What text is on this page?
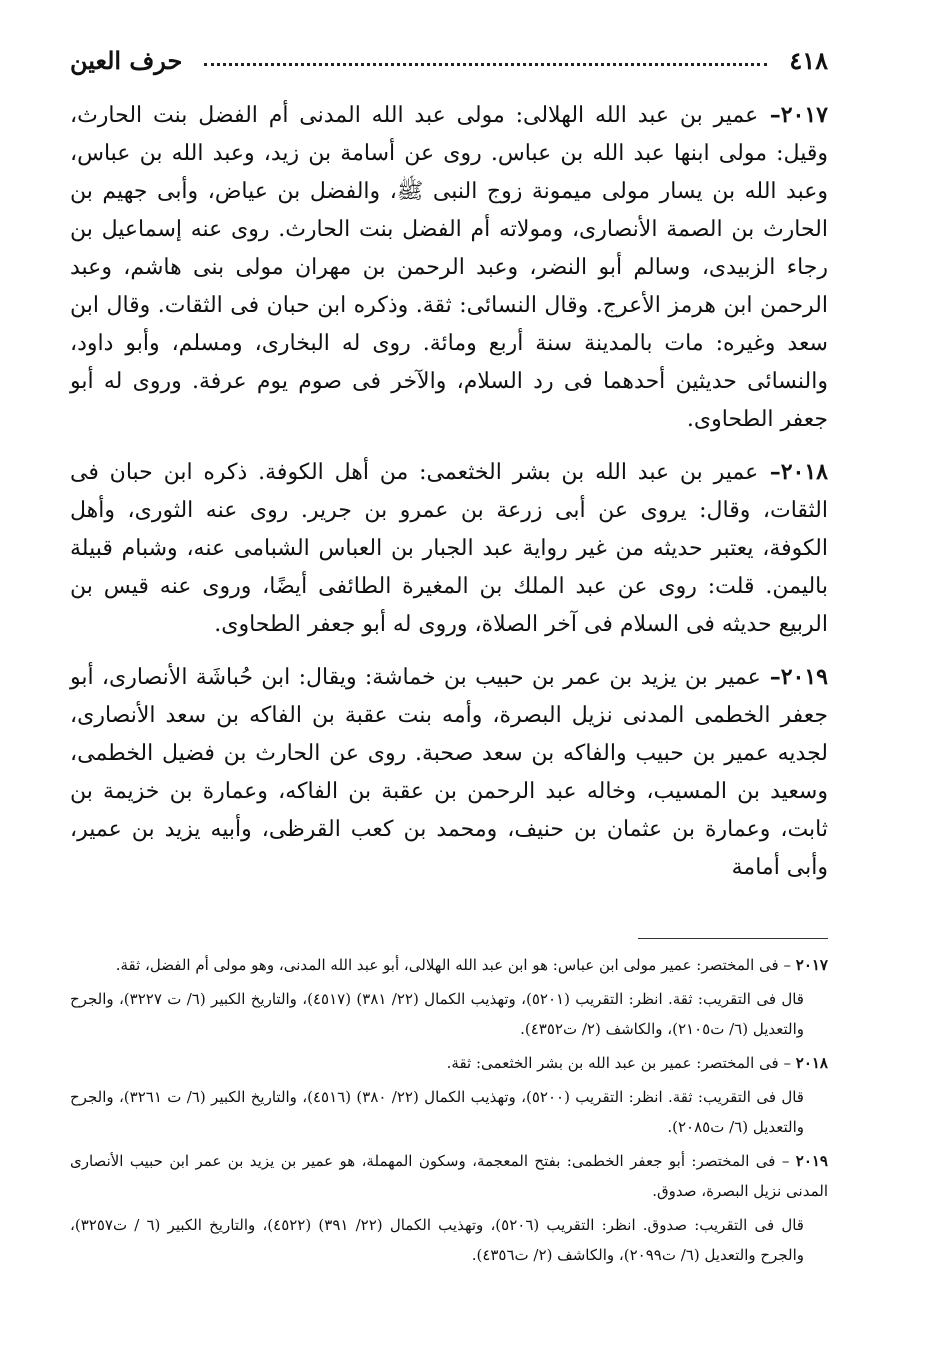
٤١٨
حرف العين

٢٠١٧– عمير بن عبد الله الهلالى: مولى عبد الله المدنى أم الفضل بنت الحارث، وقيل: مولى ابنها عبد الله بن عباس. روى عن أسامة بن زيد، وعبد الله بن عباس، وعبد الله بن يسار مولى ميمونة زوج النبى ﷺ، والفضل بن عياض، وأبى جهيم بن الحارث بن الصمة الأنصارى، ومولاته أم الفضل بنت الحارث. روى عنه إسماعيل بن رجاء الزبيدى، وسالم أبو النضر، وعبد الرحمن بن مهران مولى بنى هاشم، وعبد الرحمن ابن هرمز الأعرج. وقال النسائى: ثقة. وذكره ابن حبان فى الثقات. وقال ابن سعد وغيره: مات بالمدينة سنة أربع ومائة. روى له البخارى، ومسلم، وأبو داود، والنسائى حديثين أحدهما فى رد السلام، والآخر فى صوم يوم عرفة. وروى له أبو جعفر الطحاوى.

٢٠١٨– عمير بن عبد الله بن بشر الخثعمى: من أهل الكوفة. ذكره ابن حبان فى الثقات، وقال: يروى عن أبى زرعة بن عمرو بن جرير. روى عنه الثورى، وأهل الكوفة، يعتبر حديثه من غير رواية عبد الجبار بن العباس الشبامى عنه، وشبام قبيلة باليمن. قلت: روى عن عبد الملك بن المغيرة الطائفى أيضًا، وروى عنه قيس بن الربيع حديثه فى السلام فى آخر الصلاة، وروى له أبو جعفر الطحاوى.

٢٠١٩– عمير بن يزيد بن عمر بن حبيب بن خماشة: ويقال: ابن حُباشَة الأنصارى، أبو جعفر الخطمى المدنى نزيل البصرة، وأمه بنت عقبة بن الفاكه بن سعد الأنصارى، لجديه عمير بن حبيب والفاكه بن سعد صحبة. روى عن الحارث بن فضيل الخطمى، وسعيد بن المسيب، وخاله عبد الرحمن بن عقبة بن الفاكه، وعمارة بن خزيمة بن ثابت، وعمارة بن عثمان بن حنيف، ومحمد بن كعب القرظى، وأبيه يزيد بن عمير، وأبى أمامة

٢٠١٧ – فى المختصر: عمير مولى ابن عباس: هو ابن عبد الله الهلالى، أبو عبد الله المدنى، وهو مولى أم الفضل، ثقة.

قال فى التقريب: ثقة. انظر: التقريب (٥٢٠١)، وتهذيب الكمال (٢٢/ ٣٨١) (٤٥١٧)، والتاريخ الكبير (٦/ ت ٣٢٢٧)، والجرح والتعديل (٦/ ت٢١٠٥)، والكاشف (٢/ ت٤٣٥٢).

٢٠١٨ – فى المختصر: عمير بن عبد الله بن بشر الخثعمى: ثقة.

قال فى التقريب: ثقة. انظر: التقريب (٥٢٠٠)، وتهذيب الكمال (٢٢/ ٣٨٠) (٤٥١٦)، والتاريخ الكبير (٦/ ت ٣٢٦١)، والجرح والتعديل (٦/ ت٢٠٨٥).

٢٠١٩ – فى المختصر: أبو جعفر الخطمى: بفتح المعجمة، وسكون المهملة، هو عمير بن يزيد بن عمر ابن حبيب الأنصارى المدنى نزيل البصرة، صدوق.

قال فى التقريب: صدوق. انظر: التقريب (٥٢٠٦)، وتهذيب الكمال (٢٢/ ٣٩١) (٤٥٢٢)، والتاريخ الكبير (٦ / ت٣٢٥٧)، والجرح والتعديل (٦/ ت٢٠٩٩)، والكاشف (٢/ ت٤٣٥٦).
